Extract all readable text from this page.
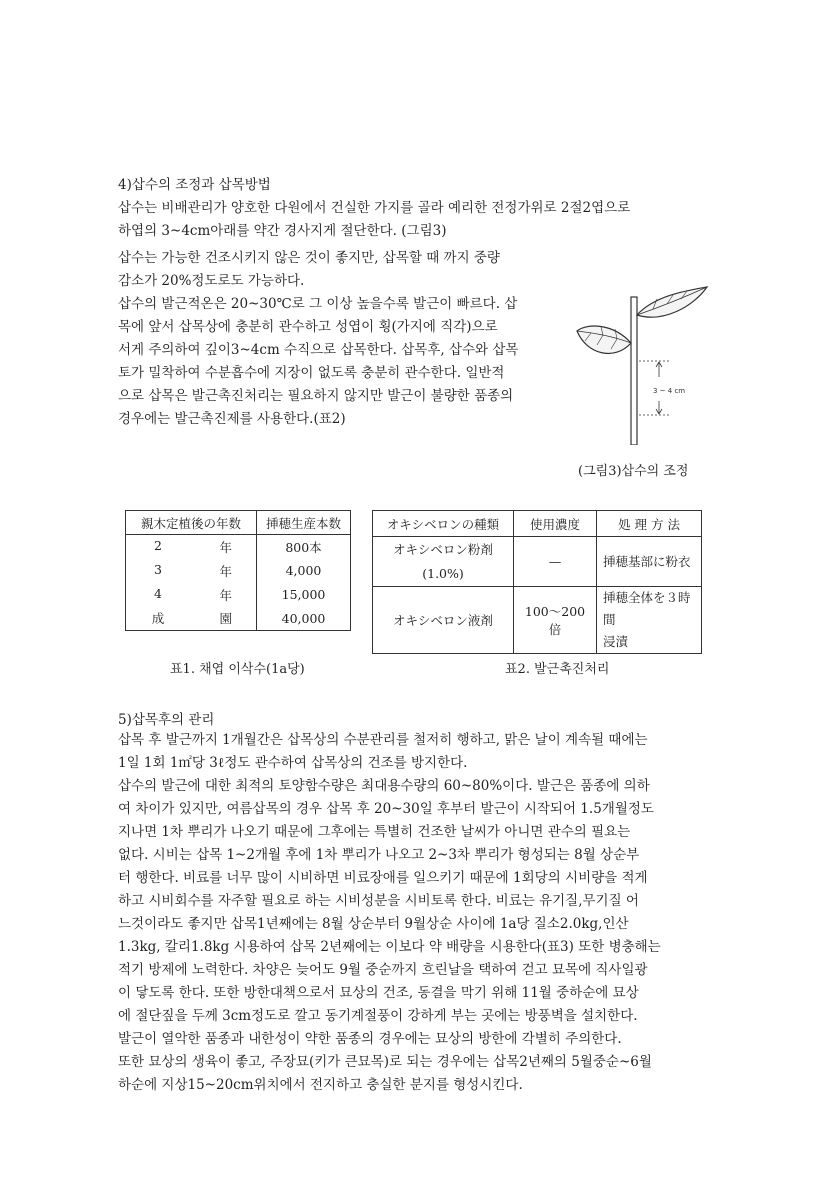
4)삽수의 조정과 삽목방법
삽수는 비배관리가 양호한 다원에서 건실한 가지를 골라 예리한 전정가위로 2절2엽으로
하엽의 3~4cm아래를 약간 경사지게 절단한다. (그림3)
삽수는 가능한 건조시키지 않은 것이 좋지만, 삽목할 때 까지 중량
감소가 20%정도로도 가능하다.
삽수의 발근적온은 20~30℃로 그 이상 높을수록 발근이 빠르다. 삽
목에 앞서 삽목상에 충분히 관수하고 성엽이 횡(가지에 직각)으로
서게 주의하여 깊이3~4cm 수직으로 삽목한다. 삽목후, 삽수와 삽목
토가 밀착하여 수분흡수에 지장이 없도록 충분히 관수한다. 일반적
으로 삽목은 발근촉진처리는 필요하지 않지만 발근이 불량한 품종의
경우에는 발근촉진제를 사용한다.(표2)
3 ~ 4 cm
(그림3)삽수의 조정
親木定植後の年数	挿穂生産本数
2 年	800本
3 年	4,000
4 年	15,000
成 園	40,000
표1. 채엽 이삭수(1a당)
オキシベロンの種類	使用濃度	処 理 方 法

オキシベロン粉剤
(1.0%)	—	挿穂基部に粉衣

オキシベロン液剤	100～200倍	挿穂全体を３時間
浸漬
표2. 발근촉진처리
5)삽목후의 관리
삽목 후 발근까지 1개월간은 삽목상의 수분관리를 철저히 행하고, 맑은 날이 계속될 때에는
1일 1회 1㎡당 3ℓ정도 관수하여 삽목상의 건조를 방지한다.
삽수의 발근에 대한 최적의 토양함수량은 최대용수량의 60~80%이다. 발근은 품종에 의하
여 차이가 있지만, 여름삽목의 경우 삽목 후 20~30일 후부터 발근이 시작되어 1.5개월정도
지나면 1차 뿌리가 나오기 때문에 그후에는 특별히 건조한 날씨가 아니면 관수의 필요는
없다. 시비는 삽목 1~2개월 후에 1차 뿌리가 나오고 2~3차 뿌리가 형성되는 8월 상순부
터 행한다. 비료를 너무 많이 시비하면 비료장애를 일으키기 때문에 1회당의 시비량을 적게
하고 시비회수를 자주할 필요로 하는 시비성분을 시비토록 한다. 비료는 유기질,무기질 어
느것이라도 좋지만 삽목1년째에는 8월 상순부터 9월상순 사이에 1a당 질소2.0kg,인산
1.3kg, 칼리1.8kg 시용하여 삽목 2년째에는 이보다 약 배량을 시용한다(표3) 또한 병충해는
적기 방제에 노력한다. 차양은 늦어도 9월 중순까지 흐린날을 택하여 걷고 묘목에 직사일광
이 닿도록 한다. 또한 방한대책으로서 묘상의 건조, 동결을 막기 위해 11월 중하순에 묘상
에 절단짚을 두께 3cm정도로 깔고 동기계절풍이 강하게 부는 곳에는 방풍벽을 설치한다.
발근이 열악한 품종과 내한성이 약한 품종의 경우에는 묘상의 방한에 각별히 주의한다.
또한 묘상의 생육이 좋고, 주장묘(키가 큰묘목)로 되는 경우에는 삽목2년째의 5월중순~6월
하순에 지상15~20cm위치에서 전지하고 충실한 분지를 형성시킨다.
